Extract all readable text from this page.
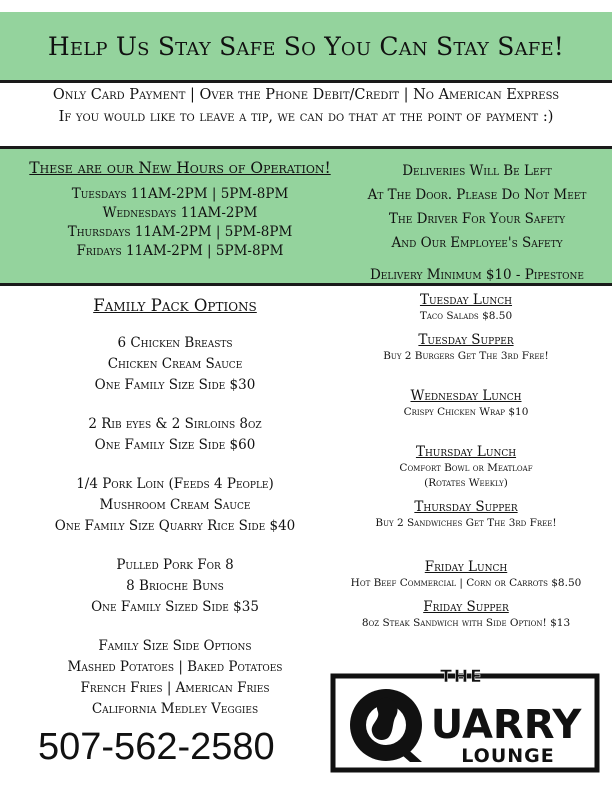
Help Us Stay Safe So You Can Stay Safe!
Only Card Payment | Over the Phone Debit/Credit | No American Express
If you would like to leave a tip, we can do that at the point of payment :)
These are our New Hours of Operation!
Tuesdays 11AM-2PM | 5PM-8PM
Wednesdays 11AM-2PM
Thursdays 11AM-2PM | 5PM-8PM
Fridays 11AM-2PM | 5PM-8PM
Deliveries Will Be Left
At The Door. Please Do Not Meet
The Driver For Your Safety
And Our Employee's Safety
Delivery Minimum $10 - Pipestone
Family Pack Options
6 Chicken Breasts
Chicken Cream Sauce
One Family Size Side $30
2 Rib eyes & 2 Sirloins 8oz
One Family Size Side $60
1/4 Pork Loin (Feeds 4 People)
Mushroom Cream Sauce
One Family Size Quarry Rice Side $40
Pulled Pork For 8
8 Brioche Buns
One Family Sized Side $35
Family Size Side Options
Mashed Potatoes | Baked Potatoes
French Fries | American Fries
California Medley Veggies
507-562-2580
Tuesday Lunch
Taco Salads $8.50
Tuesday Supper
Buy 2 Burgers Get The 3rd Free!
Wednesday Lunch
Crispy Chicken Wrap $10
Thursday Lunch
Comfort Bowl or Meatloaf
(Rotates Weekly)
Thursday Supper
Buy 2 Sandwiches Get The 3rd Free!
Friday Lunch
Hot Beef Commercial | Corn or Carrots $8.50
Friday Supper
8oz Steak Sandwich with Side Option! $13
THE
UARRY
LOUNGE
